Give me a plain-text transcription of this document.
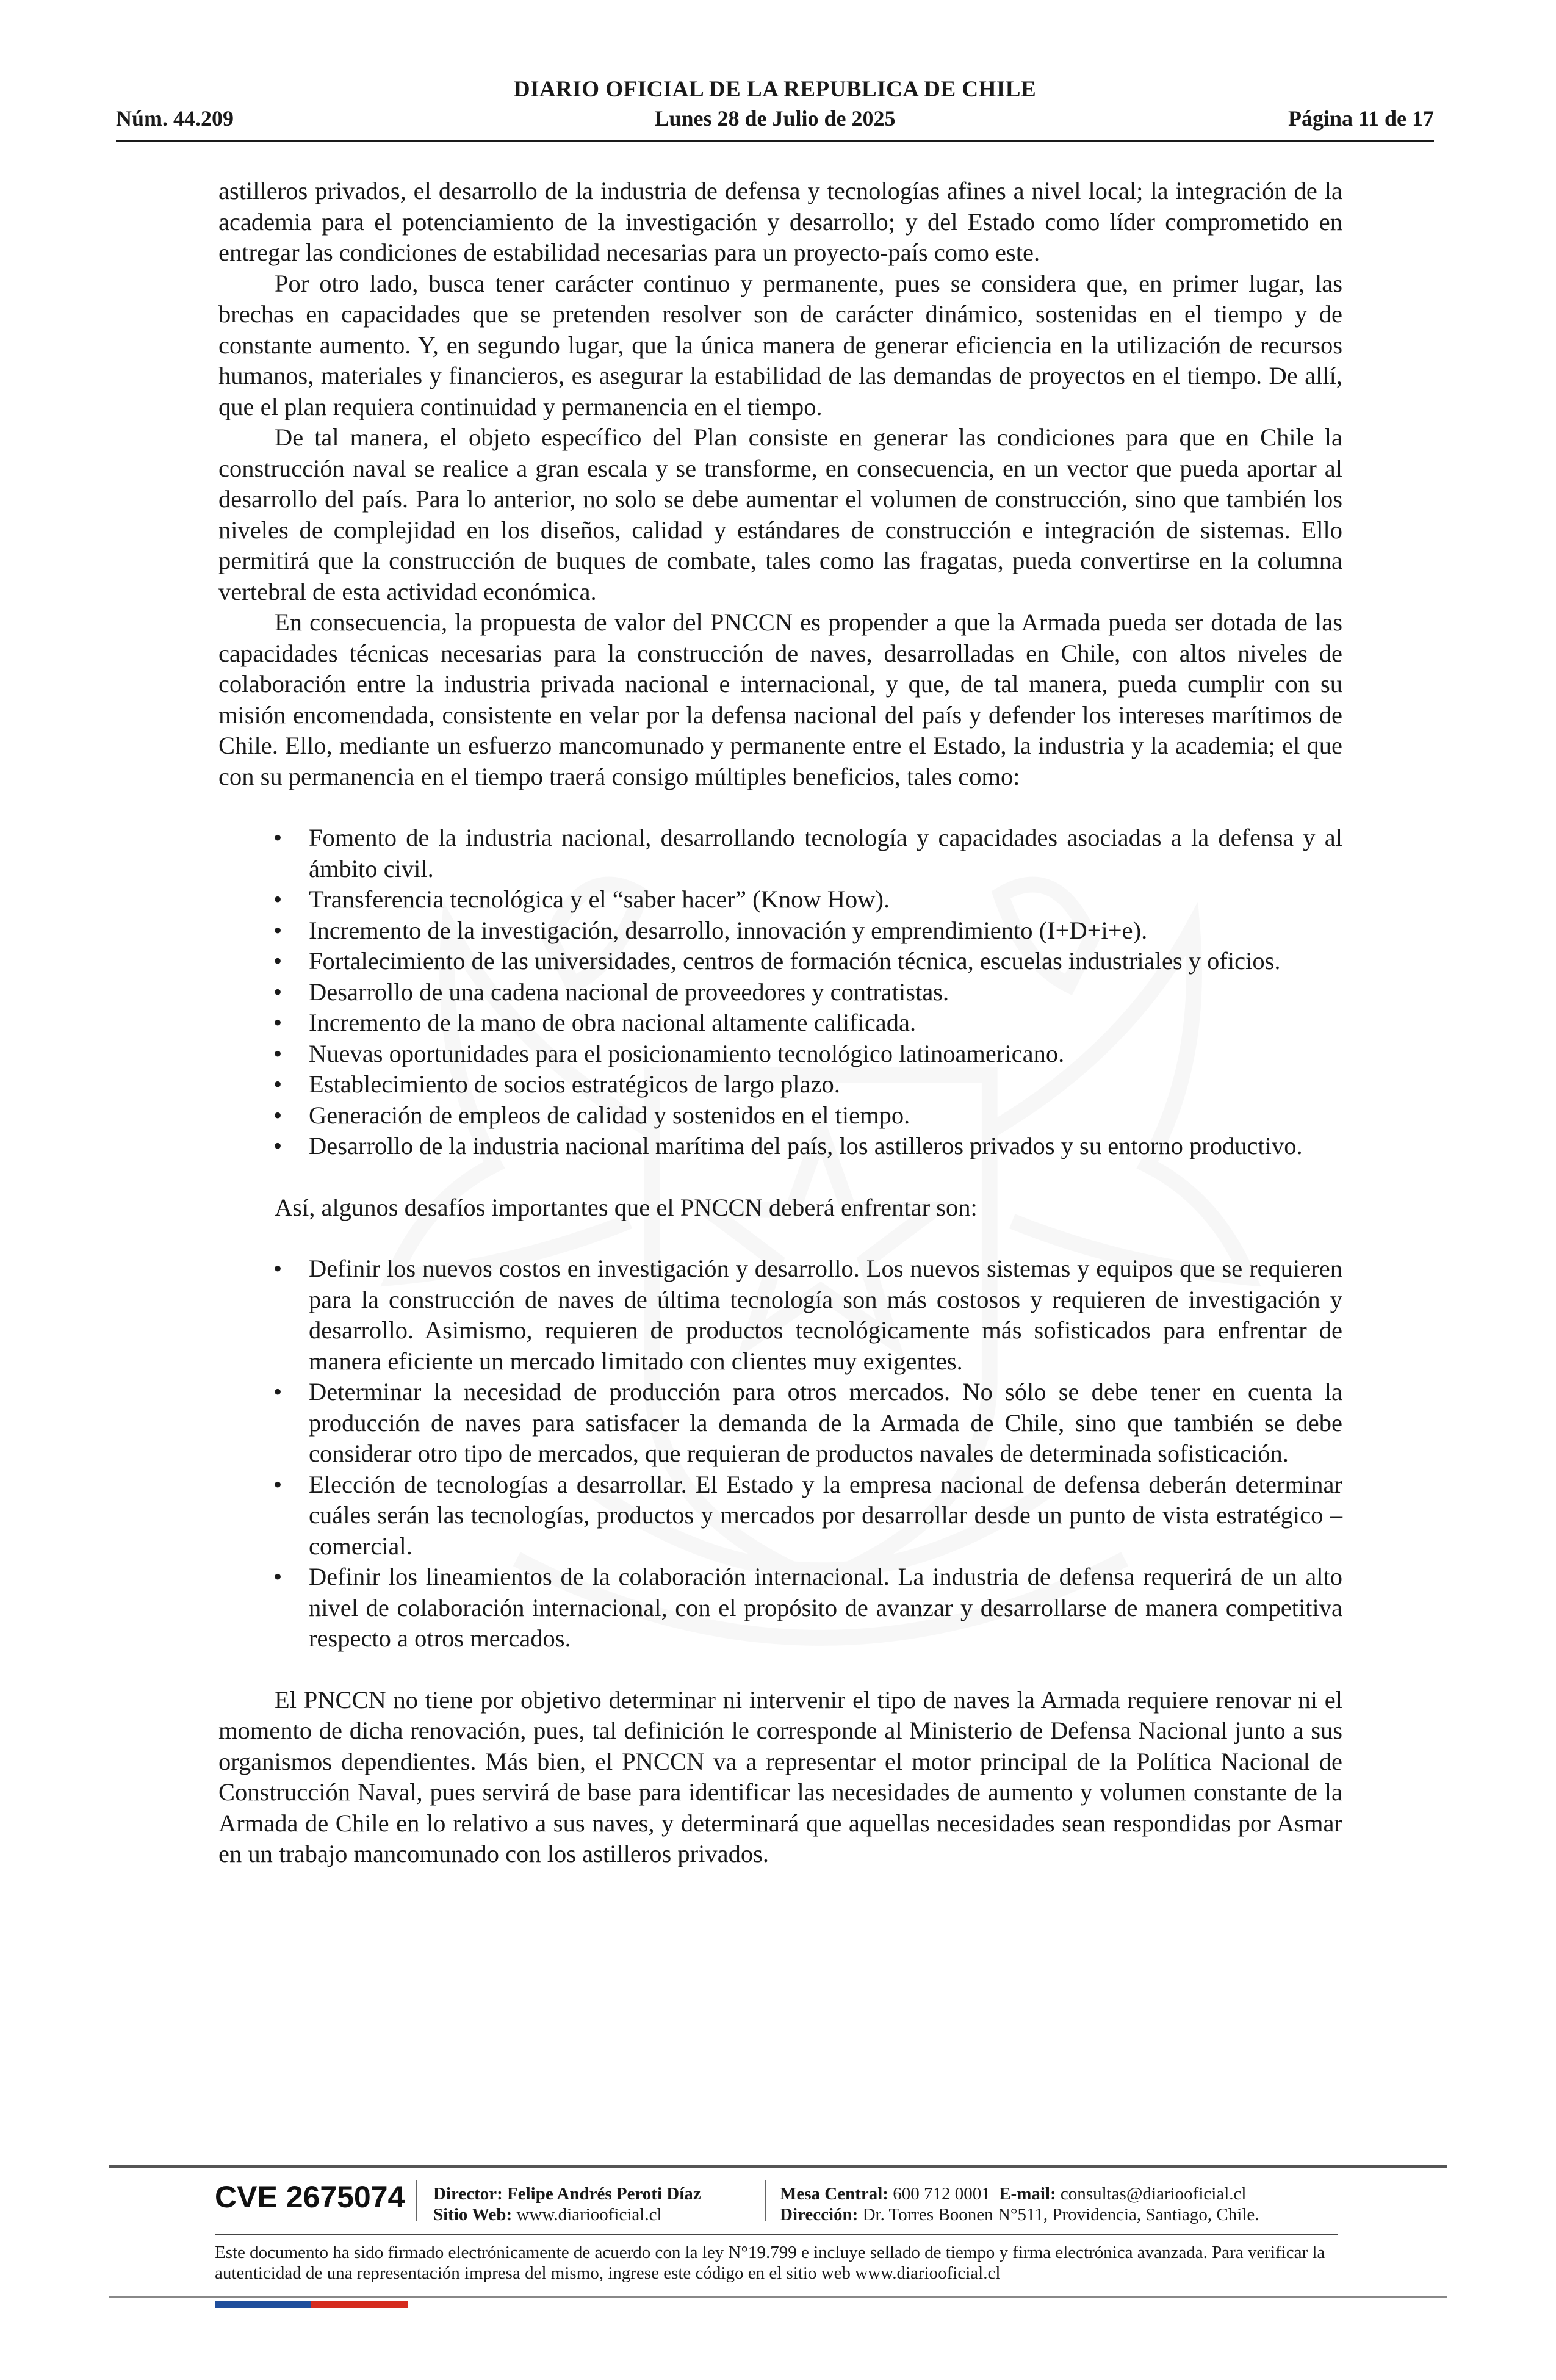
DIARIO OFICIAL DE LA REPUBLICA DE CHILE
Núm. 44.209	Lunes 28 de Julio de 2025	Página 11 de 17

astilleros privados, el desarrollo de la industria de defensa y tecnologías afines a nivel local; la integración de la academia para el potenciamiento de la investigación y desarrollo; y del Estado como líder comprometido en entregar las condiciones de estabilidad necesarias para un proyecto-país como este.

Por otro lado, busca tener carácter continuo y permanente, pues se considera que, en primer lugar, las brechas en capacidades que se pretenden resolver son de carácter dinámico, sostenidas en el tiempo y de constante aumento. Y, en segundo lugar, que la única manera de generar eficiencia en la utilización de recursos humanos, materiales y financieros, es asegurar la estabilidad de las demandas de proyectos en el tiempo. De allí, que el plan requiera continuidad y permanencia en el tiempo.

De tal manera, el objeto específico del Plan consiste en generar las condiciones para que en Chile la construcción naval se realice a gran escala y se transforme, en consecuencia, en un vector que pueda aportar al desarrollo del país. Para lo anterior, no solo se debe aumentar el volumen de construcción, sino que también los niveles de complejidad en los diseños, calidad y estándares de construcción e integración de sistemas. Ello permitirá que la construcción de buques de combate, tales como las fragatas, pueda convertirse en la columna vertebral de esta actividad económica.

En consecuencia, la propuesta de valor del PNCCN es propender a que la Armada pueda ser dotada de las capacidades técnicas necesarias para la construcción de naves, desarrolladas en Chile, con altos niveles de colaboración entre la industria privada nacional e internacional, y que, de tal manera, pueda cumplir con su misión encomendada, consistente en velar por la defensa nacional del país y defender los intereses marítimos de Chile. Ello, mediante un esfuerzo mancomunado y permanente entre el Estado, la industria y la academia; el que con su permanencia en el tiempo traerá consigo múltiples beneficios, tales como:

• Fomento de la industria nacional, desarrollando tecnología y capacidades asociadas a la defensa y al ámbito civil.
• Transferencia tecnológica y el “saber hacer” (Know How).
• Incremento de la investigación, desarrollo, innovación y emprendimiento (I+D+i+e).
• Fortalecimiento de las universidades, centros de formación técnica, escuelas industriales y oficios.
• Desarrollo de una cadena nacional de proveedores y contratistas.
• Incremento de la mano de obra nacional altamente calificada.
• Nuevas oportunidades para el posicionamiento tecnológico latinoamericano.
• Establecimiento de socios estratégicos de largo plazo.
• Generación de empleos de calidad y sostenidos en el tiempo.
• Desarrollo de la industria nacional marítima del país, los astilleros privados y su entorno productivo.

Así, algunos desafíos importantes que el PNCCN deberá enfrentar son:

• Definir los nuevos costos en investigación y desarrollo. Los nuevos sistemas y equipos que se requieren para la construcción de naves de última tecnología son más costosos y requieren de investigación y desarrollo. Asimismo, requieren de productos tecnológicamente más sofisticados para enfrentar de manera eficiente un mercado limitado con clientes muy exigentes.
• Determinar la necesidad de producción para otros mercados. No sólo se debe tener en cuenta la producción de naves para satisfacer la demanda de la Armada de Chile, sino que también se debe considerar otro tipo de mercados, que requieran de productos navales de determinada sofisticación.
• Elección de tecnologías a desarrollar. El Estado y la empresa nacional de defensa deberán determinar cuáles serán las tecnologías, productos y mercados por desarrollar desde un punto de vista estratégico – comercial.
• Definir los lineamientos de la colaboración internacional. La industria de defensa requerirá de un alto nivel de colaboración internacional, con el propósito de avanzar y desarrollarse de manera competitiva respecto a otros mercados.

El PNCCN no tiene por objetivo determinar ni intervenir el tipo de naves la Armada requiere renovar ni el momento de dicha renovación, pues, tal definición le corresponde al Ministerio de Defensa Nacional junto a sus organismos dependientes. Más bien, el PNCCN va a representar el motor principal de la Política Nacional de Construcción Naval, pues servirá de base para identificar las necesidades de aumento y volumen constante de la Armada de Chile en lo relativo a sus naves, y determinará que aquellas necesidades sean respondidas por Asmar en un trabajo mancomunado con los astilleros privados.

CVE 2675074 Director: Felipe Andrés Peroti Díaz
Sitio Web: www.diariooficial.cl
Mesa Central: 600 712 0001 E-mail: consultas@diariooficial.cl
Dirección: Dr. Torres Boonen N°511, Providencia, Santiago, Chile.
Este documento ha sido firmado electrónicamente de acuerdo con la ley N°19.799 e incluye sellado de tiempo y firma electrónica avanzada. Para verificar la autenticidad de una representación impresa del mismo, ingrese este código en el sitio web www.diariooficial.cl
